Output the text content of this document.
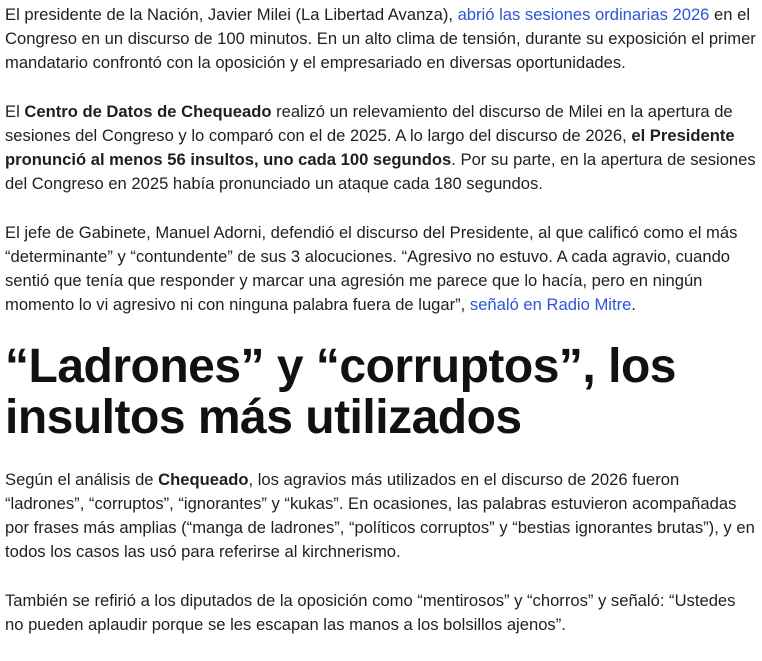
El presidente de la Nación, Javier Milei (La Libertad Avanza), abrió las sesiones ordinarias 2026 en el Congreso en un discurso de 100 minutos. En un alto clima de tensión, durante su exposición el primer mandatario confrontó con la oposición y el empresariado en diversas oportunidades.

El Centro de Datos de Chequeado realizó un relevamiento del discurso de Milei en la apertura de sesiones del Congreso y lo comparó con el de 2025. A lo largo del discurso de 2026, el Presidente pronunció al menos 56 insultos, uno cada 100 segundos. Por su parte, en la apertura de sesiones del Congreso en 2025 había pronunciado un ataque cada 180 segundos.

El jefe de Gabinete, Manuel Adorni, defendió el discurso del Presidente, al que calificó como el más “determinante” y “contundente” de sus 3 alocuciones. “Agresivo no estuvo. A cada agravio, cuando sentió que tenía que responder y marcar una agresión me parece que lo hacía, pero en ningún momento lo vi agresivo ni con ninguna palabra fuera de lugar”, señaló en Radio Mitre.

“Ladrones” y “corruptos”, los insultos más utilizados

Según el análisis de Chequeado, los agravios más utilizados en el discurso de 2026 fueron “ladrones”, “corruptos”, “ignorantes” y “kukas”. En ocasiones, las palabras estuvieron acompañadas por frases más amplias (“manga de ladrones”, “políticos corruptos” y “bestias ignorantes brutas”), y en todos los casos las usó para referirse al kirchnerismo.

También se refirió a los diputados de la oposición como “mentirosos” y “chorros” y señaló: “Ustedes no pueden aplaudir porque se les escapan las manos a los bolsillos ajenos”.
